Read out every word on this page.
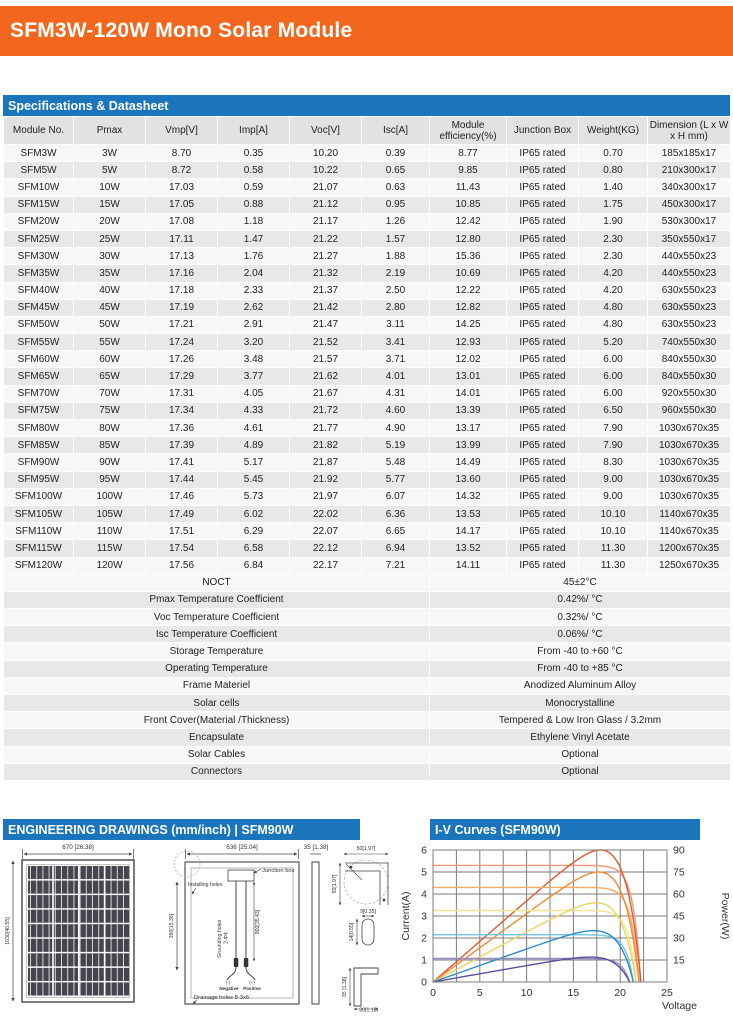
SFM3W-120W Mono Solar Module
Specifications & Datasheet
Module No.	Pmax	Vmp[V]	Imp[A]	Voc[V]	Isc[A]	Module efficiency(%)	Junction Box	Weight(KG)	Dimension (L x W x H mm)
SFM3W	3W	8.70	0.35	10.20	0.39	8.77	IP65 rated	0.70	185x185x17
SFM5W	5W	8.72	0.58	10.22	0.65	9.85	IP65 rated	0.80	210x300x17
SFM10W	10W	17.03	0.59	21.07	0.63	11.43	IP65 rated	1.40	340x300x17
SFM15W	15W	17.05	0.88	21.12	0.95	10.85	IP65 rated	1.75	450x300x17
SFM20W	20W	17.08	1.18	21.17	1.26	12.42	IP65 rated	1.90	530x300x17
SFM25W	25W	17.11	1.47	21.22	1.57	12.80	IP65 rated	2.30	350x550x17
SFM30W	30W	17.13	1.76	21.27	1.88	15.36	IP65 rated	2.30	440x550x23
SFM35W	35W	17.16	2.04	21.32	2.19	10.69	IP65 rated	4.20	440x550x23
SFM40W	40W	17.18	2.33	21.37	2.50	12.22	IP65 rated	4.20	630x550x23
SFM45W	45W	17.19	2.62	21.42	2.80	12.82	IP65 rated	4.80	630x550x23
SFM50W	50W	17.21	2.91	21.47	3.11	14.25	IP65 rated	4.80	630x550x23
SFM55W	55W	17.24	3.20	21.52	3.41	12.93	IP65 rated	5.20	740x550x30
SFM60W	60W	17.26	3.48	21.57	3.71	12.02	IP65 rated	6.00	840x550x30
SFM65W	65W	17.29	3.77	21.62	4.01	13.01	IP65 rated	6.00	840x550x30
SFM70W	70W	17.31	4.05	21.67	4.31	14.01	IP65 rated	6.00	920x550x30
SFM75W	75W	17.34	4.33	21.72	4.60	13.39	IP65 rated	6.50	960x550x30
SFM80W	80W	17.36	4.61	21.77	4.90	13.17	IP65 rated	7.90	1030x670x35
SFM85W	85W	17.39	4.89	21.82	5.19	13.99	IP65 rated	7.90	1030x670x35
SFM90W	90W	17.41	5.17	21.87	5.48	14.49	IP65 rated	8.30	1030x670x35
SFM95W	95W	17.44	5.45	21.92	5.77	13.60	IP65 rated	9.00	1030x670x35
SFM100W	100W	17.46	5.73	21.97	6.07	14.32	IP65 rated	9.00	1030x670x35
SFM105W	105W	17.49	6.02	22.02	6.36	13.53	IP65 rated	10.10	1140x670x35
SFM110W	110W	17.51	6.29	22.07	6.65	14.17	IP65 rated	10.10	1140x670x35
SFM115W	115W	17.54	6.58	22.12	6.94	13.52	IP65 rated	11.30	1200x670x35
SFM120W	120W	17.56	6.84	22.17	7.21	14.11	IP65 rated	11.30	1250x670x35
NOCT						45±2°C			
Pmax Temperature Coefficient						0.42%/ °C			
Voc Temperature Coefficient						0.32%/ °C			
Isc Temperature Coefficient						0.06%/ °C			
Storage Temperature						From -40 to +60 °C			
Operating Temperature						From -40 to +85 °C			
Frame Materiel						Anodized Aluminum Alloy			
Solar cells						Monocrystalline			
Front Cover(Material /Thickness)						Tempered & Low Iron Glass / 3.2mm			
Encapsulate						Ethylene Vinyl Acetate			
Solar Cables						Optional			
Connectors						Optional			
ENGINEERING DRAWINGS (mm/inch) | SFM90W
670 [26.38]
1030[40.55]
636 [25.04]
Junction box
Installing holes
Grounding holes 2-Φ4
390[15.36]	900[35.43]
(-)	(+)
Negative Positive
Drainage holes 8-3x6
35 [1.38]	50[1.97]
50[1.97]
9[0.35]
14[0.55]
35 [1.38]
30[1.18]
I-V Curves (SFM90W)
0	5	10	15	20	25
0
1
2
3
4
5
6
15
30
45
60
75
90
Current(A)	Power(W)
Voltage
